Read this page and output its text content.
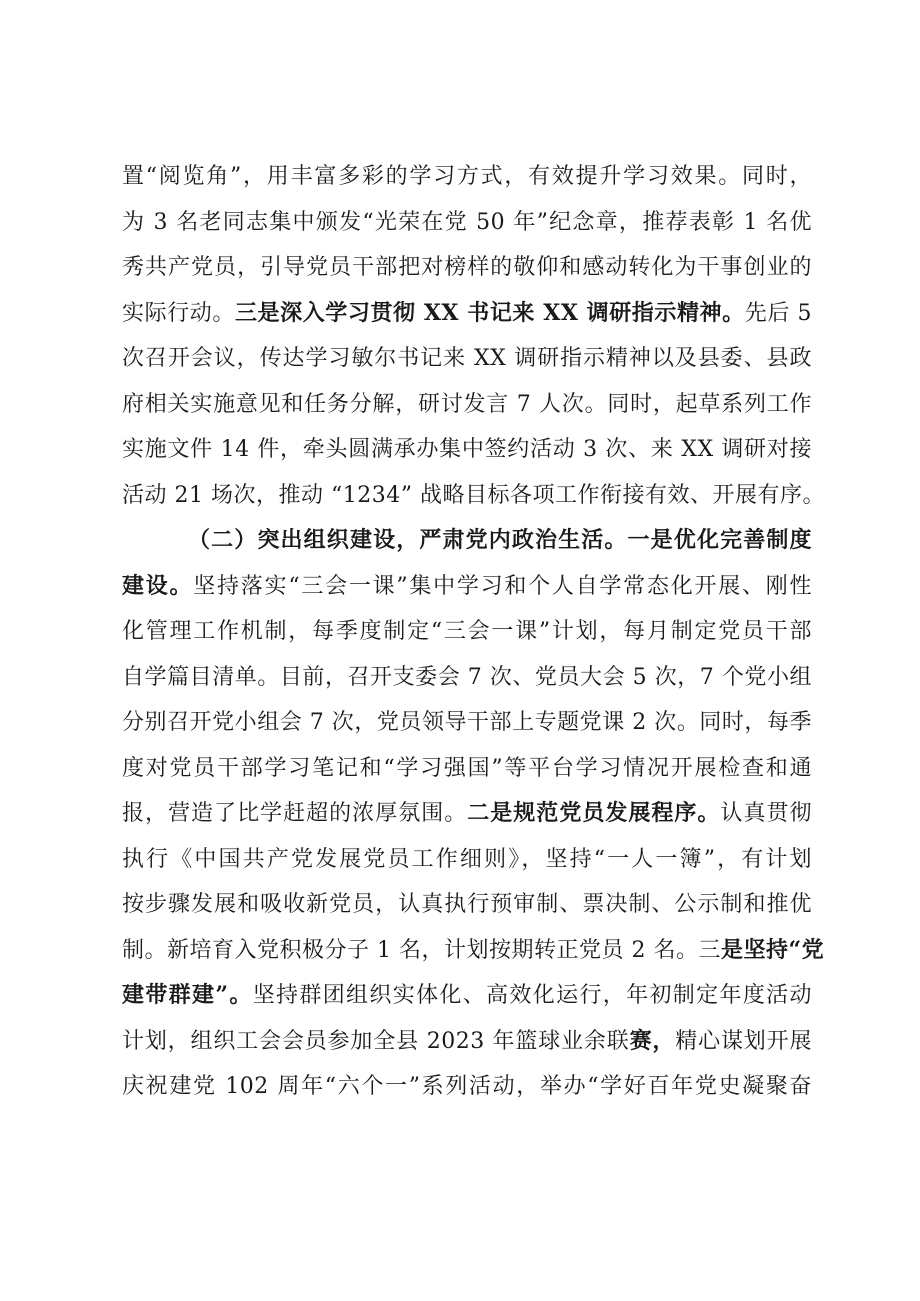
置“阅览角”，用丰富多彩的学习方式，有效提升学习效果。同时，
为 3 名老同志集中颁发“光荣在党 50 年”纪念章，推荐表彰 1 名优
秀共产党员，引导党员干部把对榜样的敬仰和感动转化为干事创业的
实际行动。三是深入学习贯彻 XX 书记来 XX 调研指示精神。先后 5
次召开会议，传达学习敏尔书记来 XX 调研指示精神以及县委、县政
府相关实施意见和任务分解，研讨发言 7 人次。同时，起草系列工作
实施文件 14 件，牵头圆满承办集中签约活动 3 次、来 XX 调研对接
活动 21 场次，推动 “1234” 战略目标各项工作衔接有效、开展有序。
（二）突出组织建设，严肃党内政治生活。一是优化完善制度
建设。坚持落实“三会一课”集中学习和个人自学常态化开展、刚性
化管理工作机制，每季度制定“三会一课”计划，每月制定党员干部
自学篇目清单。目前，召开支委会 7 次、党员大会 5 次，7 个党小组
分别召开党小组会 7 次，党员领导干部上专题党课 2 次。同时，每季
度对党员干部学习笔记和“学习强国”等平台学习情况开展检查和通
报，营造了比学赶超的浓厚氛围。二是规范党员发展程序。认真贯彻
执行《中国共产党发展党员工作细则》，坚持“一人一簿”，有计划
按步骤发展和吸收新党员，认真执行预审制、票决制、公示制和推优
制。新培育入党积极分子 1 名，计划按期转正党员 2 名。三是坚持“党
建带群建”。坚持群团组织实体化、高效化运行，年初制定年度活动
计划，组织工会会员参加全县 2023 年篮球业余联赛，精心谋划开展
庆祝建党 102 周年“六个一”系列活动，举办“学好百年党史凝聚奋
